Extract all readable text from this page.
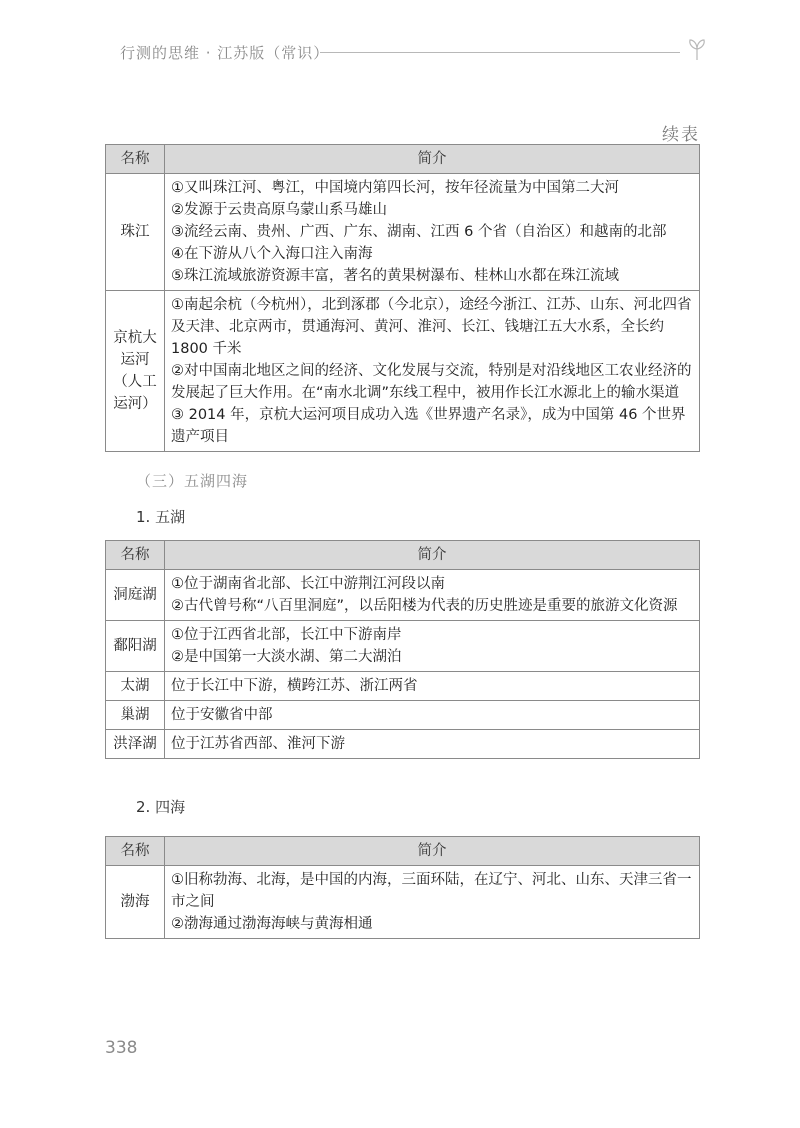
行测的思维 · 江苏版（常识）
续表
名称	简介
珠江	①又叫珠江河、粤江，中国境内第四长河，按年径流量为中国第二大河
②发源于云贵高原乌蒙山系马雄山
③流经云南、贵州、广西、广东、湖南、江西 6 个省（自治区）和越南的北部
④在下游从八个入海口注入南海
⑤珠江流域旅游资源丰富，著名的黄果树瀑布、桂林山水都在珠江流域

京杭大运河（人工运河）	①南起余杭（今杭州），北到涿郡（今北京），途经今浙江、江苏、山东、河北四省及天津、北京两市，贯通海河、黄河、淮河、长江、钱塘江五大水系，全长约 1800 千米
②对中国南北地区之间的经济、文化发展与交流，特别是对沿线地区工农业经济的发展起了巨大作用。在“南水北调”东线工程中，被用作长江水源北上的输水渠道
③ 2014 年，京杭大运河项目成功入选《世界遗产名录》，成为中国第 46 个世界遗产项目
（三）五湖四海
1. 五湖
名称	简介
洞庭湖	①位于湖南省北部、长江中游荆江河段以南
②古代曾号称“八百里洞庭”，以岳阳楼为代表的历史胜迹是重要的旅游文化资源

鄱阳湖	①位于江西省北部，长江中下游南岸
②是中国第一大淡水湖、第二大湖泊

太湖	位于长江中下游，横跨江苏、浙江两省

巢湖	位于安徽省中部

洪泽湖	位于江苏省西部、淮河下游
2. 四海
名称	简介
渤海	①旧称勃海、北海，是中国的内海，三面环陆，在辽宁、河北、山东、天津三省一市之间
②渤海通过渤海海峡与黄海相通
338
